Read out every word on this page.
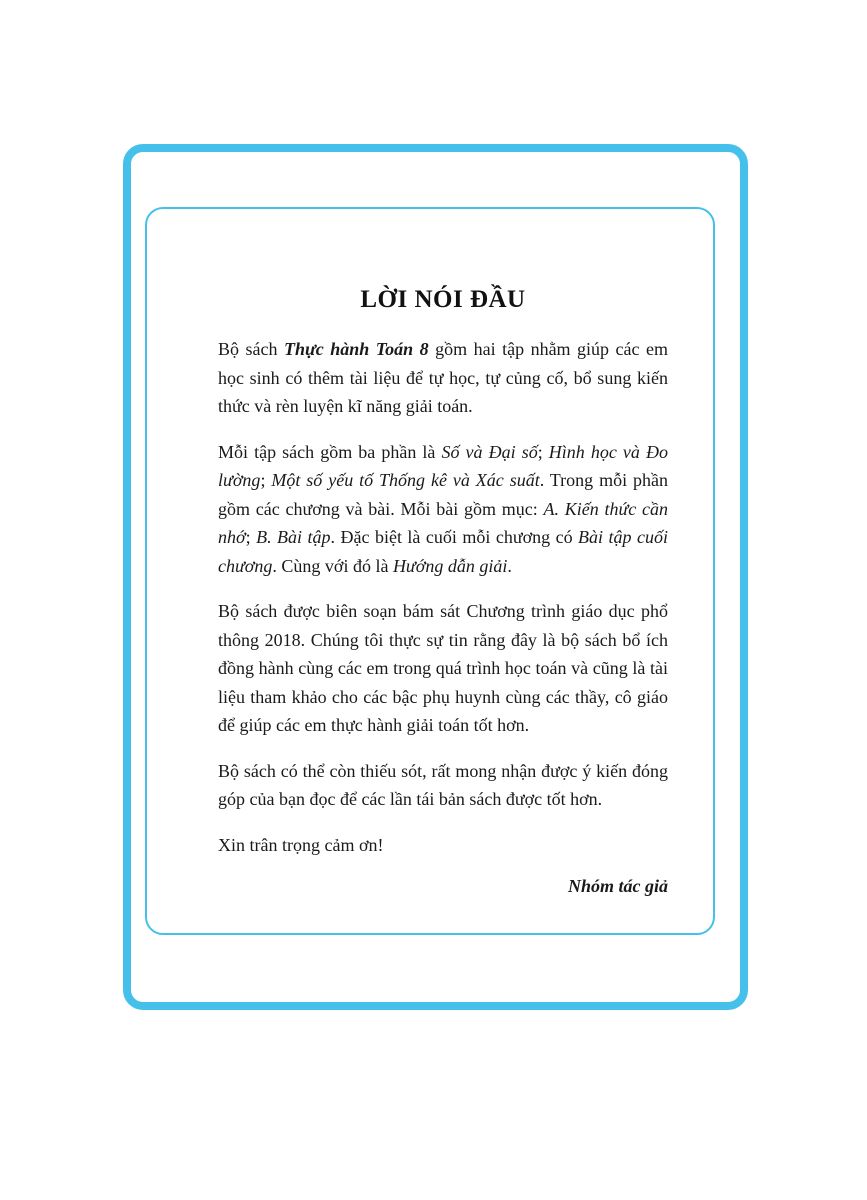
LỜI NÓI ĐẦU

Bộ sách Thực hành Toán 8 gồm hai tập nhằm giúp các em học sinh có thêm tài liệu để tự học, tự củng cố, bổ sung kiến thức và rèn luyện kĩ năng giải toán.

Mỗi tập sách gồm ba phần là Số và Đại số; Hình học và Đo lường; Một số yếu tố Thống kê và Xác suất. Trong mỗi phần gồm các chương và bài. Mỗi bài gồm mục: A. Kiến thức cần nhớ; B. Bài tập. Đặc biệt là cuối mỗi chương có Bài tập cuối chương. Cùng với đó là Hướng dẫn giải.

Bộ sách được biên soạn bám sát Chương trình giáo dục phổ thông 2018. Chúng tôi thực sự tin rằng đây là bộ sách bổ ích đồng hành cùng các em trong quá trình học toán và cũng là tài liệu tham khảo cho các bậc phụ huynh cùng các thầy, cô giáo để giúp các em thực hành giải toán tốt hơn.

Bộ sách có thể còn thiếu sót, rất mong nhận được ý kiến đóng góp của bạn đọc để các lần tái bản sách được tốt hơn.

Xin trân trọng cảm ơn!

Nhóm tác giả
